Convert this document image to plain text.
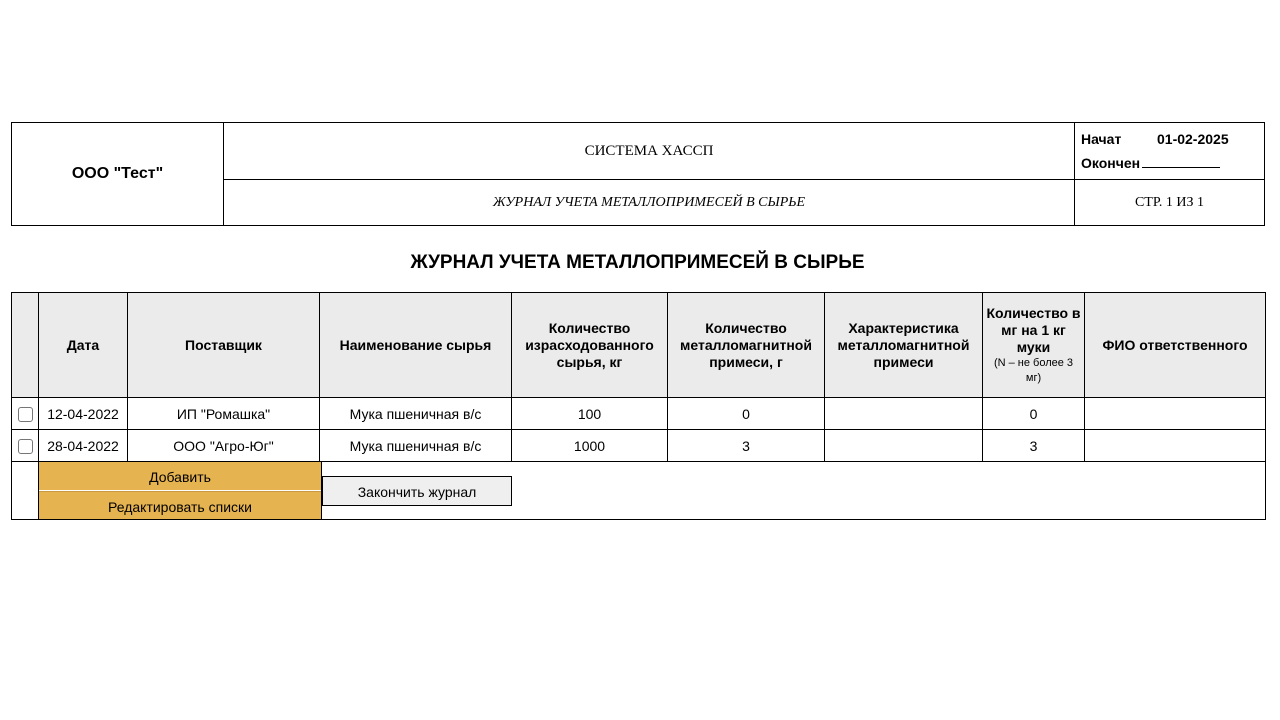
ООО "Тест"	СИСТЕМА ХАССП	Начат 01-02-2025
Окончен

	ЖУРНАЛ УЧЕТА МЕТАЛЛОПРИМЕСЕЙ В СЫРЬЕ	СТР. 1 ИЗ 1
ЖУРНАЛ УЧЕТА МЕТАЛЛОПРИМЕСЕЙ В СЫРЬЕ
	Дата	Поставщик	Наименование сырья	Количество израсходованного сырья, кг	Количество металломагнитной примеси, г	Характеристика металломагнитной примеси	Количество в мг на 1 кг муки
(N – не более 3 мг)	ФИО ответственного
	12-04-2022	ИП "Ромашка"	Мука пшеничная в/с	100	0		0	
	28-04-2022	ООО "Агро-Юг"	Мука пшеничная в/с	1000	3		3	

	Добавить
Редактировать списки
Закончить журнал							
